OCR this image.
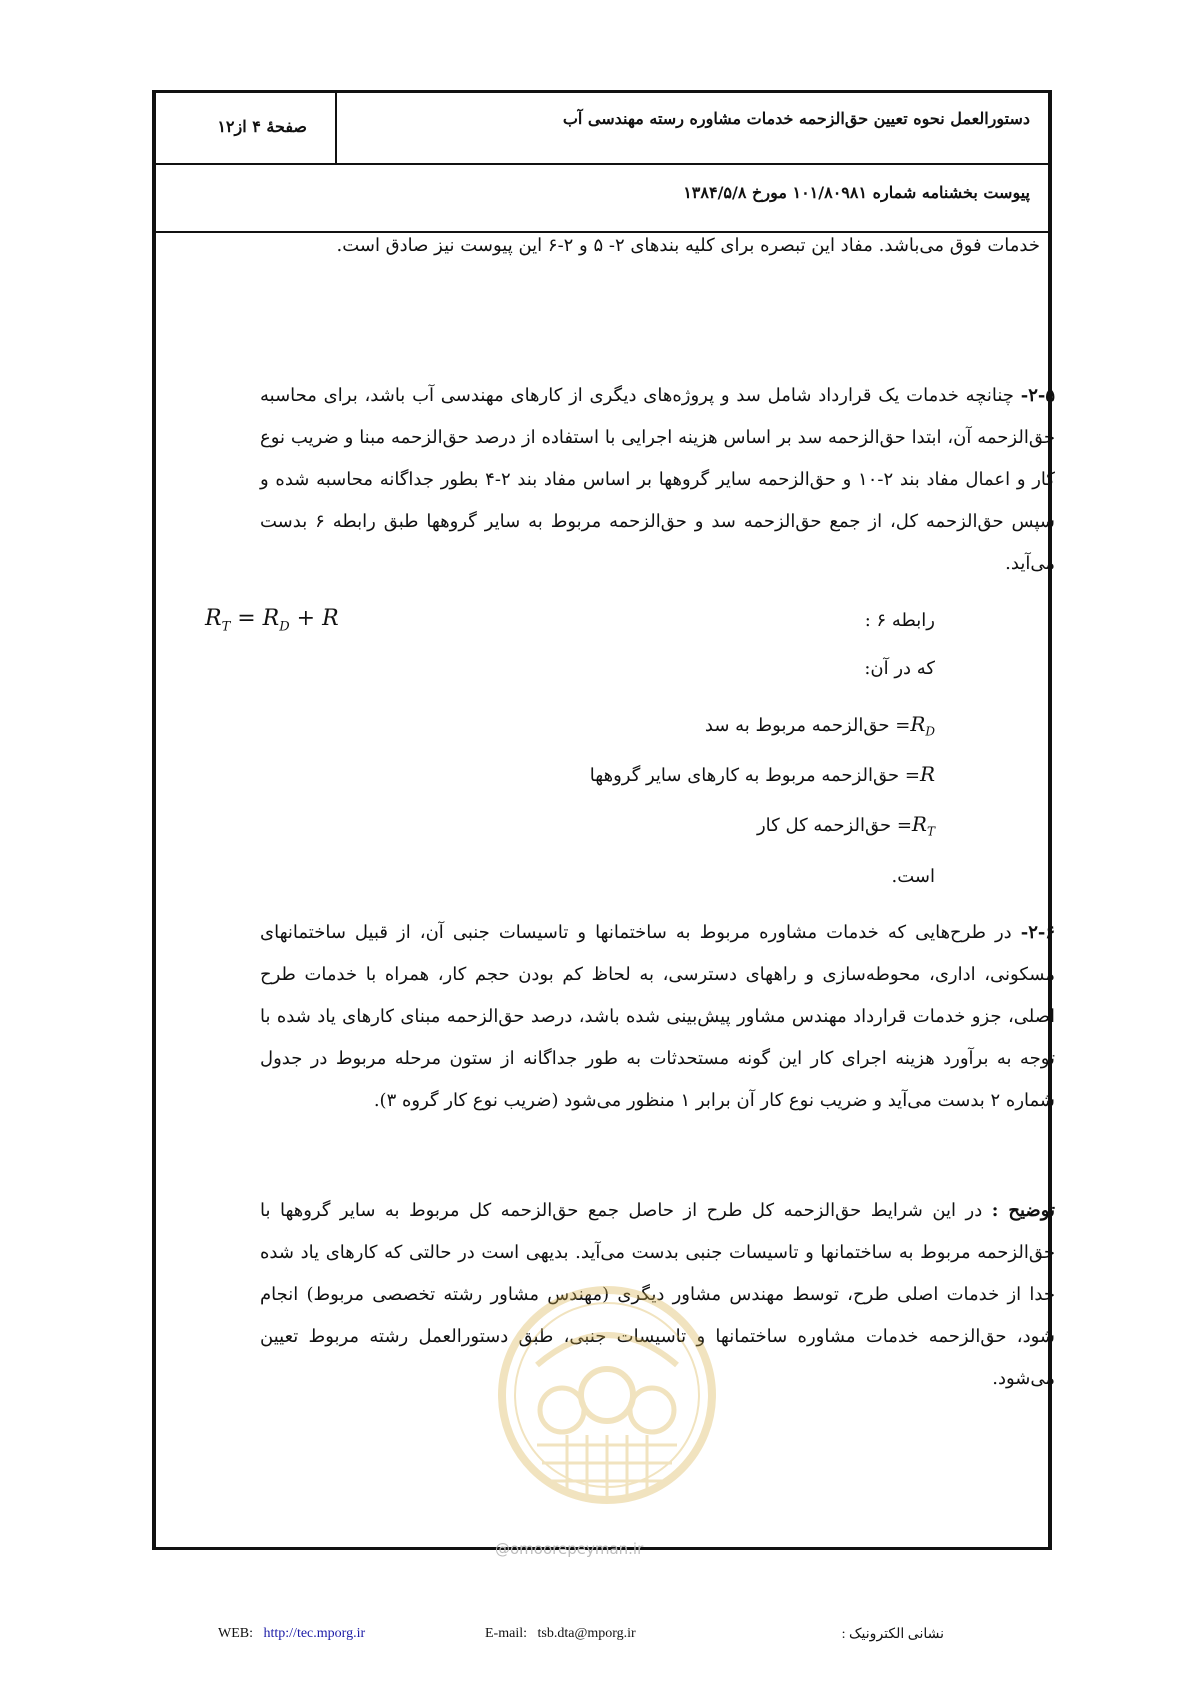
صفحهٔ ۴ از۱۲	دستورالعمل نحوه تعیین حق‌الزحمه خدمات مشاوره رسته مهندسی آب
پیوست بخشنامه شماره ۱۰۱/۸۰۹۸۱ مورخ ۱۳۸۴/۵/۸
خدمات فوق می‌باشد. مفاد این تبصره برای کلیه بندهای ۲- ۵ و ۲-۶ این پیوست نیز صادق است.
۲-۵- چنانچه خدمات یک قرارداد شامل سد و پروژه‌های دیگری از کارهای مهندسی آب باشد، برای محاسبه حق‌الزحمه آن، ابتدا حق‌الزحمه سد بر اساس هزینه اجرایی با استفاده از درصد حق‌الزحمه مبنا و ضریب نوع کار و اعمال مفاد بند ۲-۱۰ و حق‌الزحمه سایر گروهها بر اساس مفاد بند ۲-۴ بطور جداگانه محاسبه شده و سپس حق‌الزحمه کل، از جمع حق‌الزحمه سد و حق‌الزحمه مربوط به سایر گروهها طبق رابطه ۶ بدست می‌آید.
رابطه ۶ :
$R_T = R_D + R$
که در آن:
$R_D=$ حق‌الزحمه مربوط به سد
R= حق‌الزحمه مربوط به کارهای سایر گروهها
$R_T=$ حق‌الزحمه کل کار
است.
۲-۶- در طرح‌هایی که خدمات مشاوره مربوط به ساختمانها و تاسیسات جنبی آن، از قبیل ساختمانهای مسکونی، اداری، محوطه‌سازی و راههای دسترسی، به لحاظ کم بودن حجم کار، همراه با خدمات طرح اصلی، جزو خدمات قرارداد مهندس مشاور پیش‌بینی شده باشد، درصد حق‌الزحمه مبنای کارهای یاد شده با توجه به برآورد هزینه اجرای کار این گونه مستحدثات به طور جداگانه از ستون مرحله مربوط در جدول شماره ۲ بدست می‌آید و ضریب نوع کار آن برابر ۱ منظور می‌شود (ضریب نوع کار گروه ۳).
توضیح : در این شرایط حق‌الزحمه کل طرح از حاصل جمع حق‌الزحمه کل مربوط به سایر گروهها با حق‌الزحمه مربوط به ساختمانها و تاسیسات جنبی بدست می‌آید. بدیهی است در حالتی که کارهای یاد شده جدا از خدمات اصلی طرح، توسط مهندس مشاور دیگری (مهندس مشاور رشته تخصصی مربوط) انجام شود، حق‌الزحمه خدمات مشاوره ساختمانها و تاسیسات جنبی، طبق دستورالعمل رشته مربوط تعیین می‌شود.
@omoorepeyman.ir
WEB: http://tec.mporg.ir	E-mail: tsb.dta@mporg.ir	نشانی الکترونیک :
